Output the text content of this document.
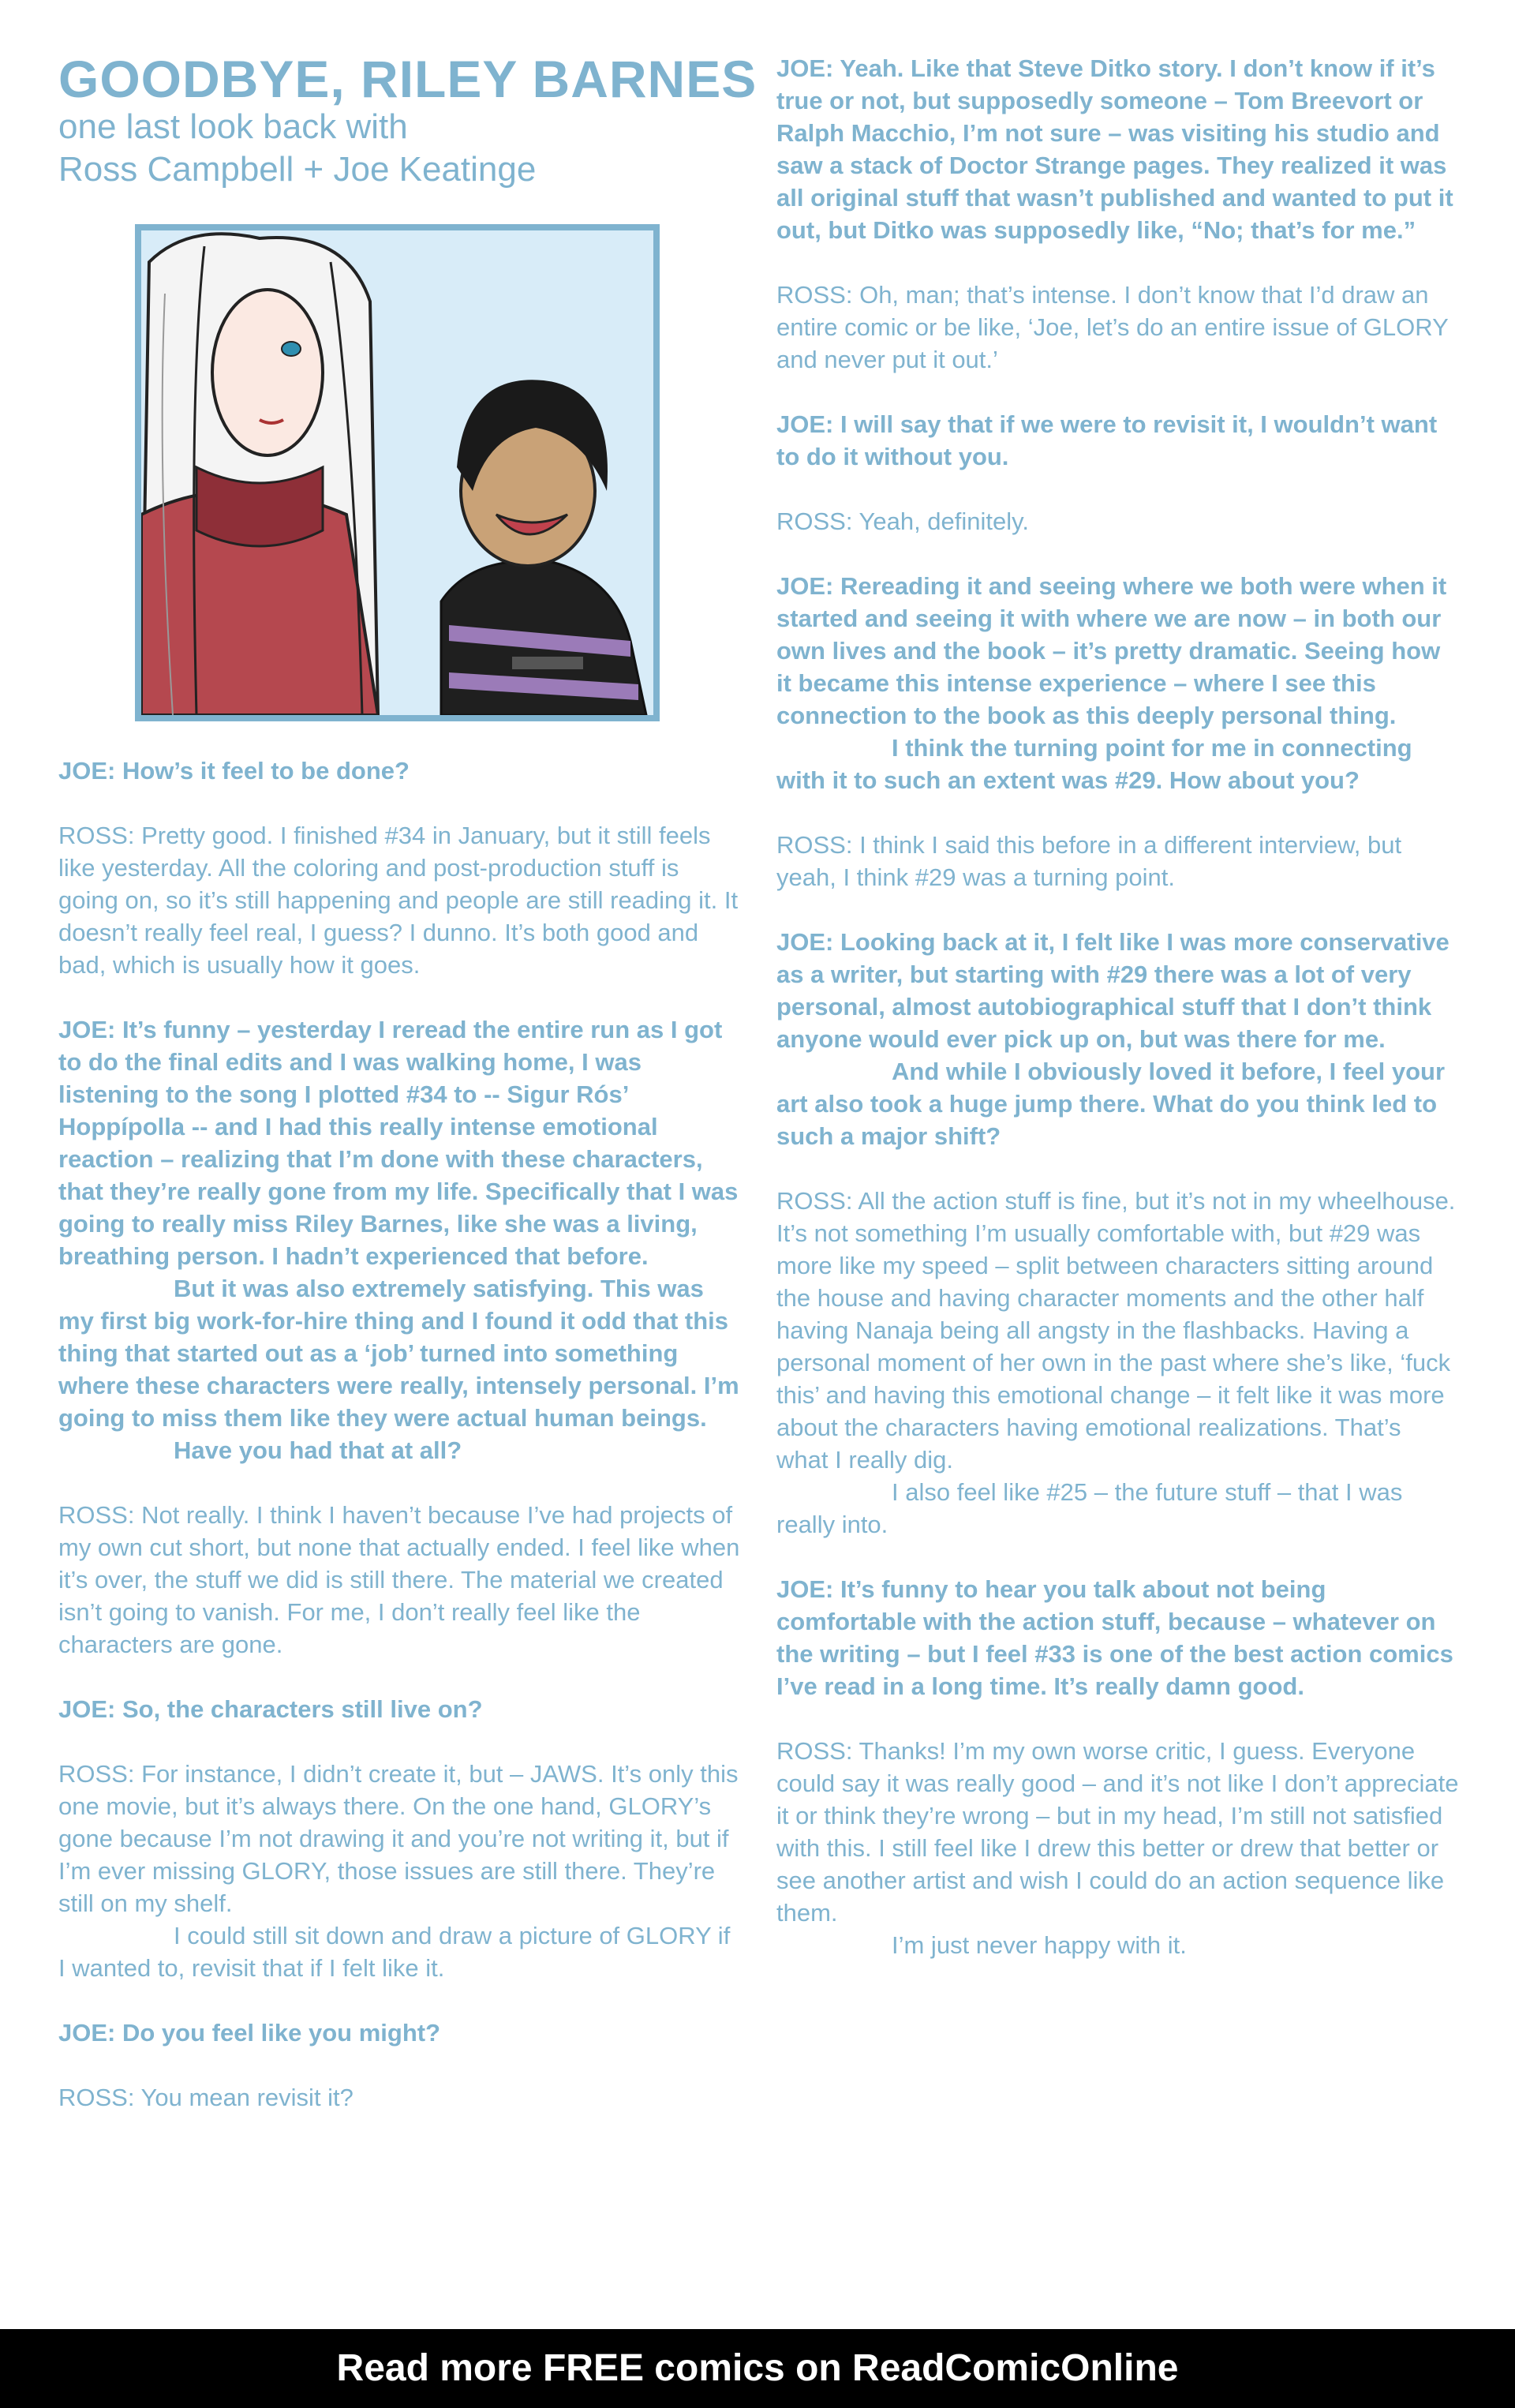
GOODBYE, RILEY BARNES
one last look back with
Ross Campbell + Joe Keatinge

JOE: How’s it feel to be done?

ROSS: Pretty good. I finished #34 in January, but it still feels like yesterday. All the coloring and post-production stuff is going on, so it’s still happening and people are still reading it. It doesn’t really feel real, I guess? I dunno. It’s both good and bad, which is usually how it goes.

JOE: It’s funny – yesterday I reread the entire run as I got to do the final edits and I was walking home, I was listening to the song I plotted #34 to -- Sigur Rós’ Hoppípolla -- and I had this really intense emotional reaction – realizing that I’m done with these characters, that they’re really gone from my life. Specifically that I was going to really miss Riley Barnes, like she was a living, breathing person. I hadn’t experienced that before.
But it was also extremely satisfying. This was my first big work-for-hire thing and I found it odd that this thing that started out as a ‘job’ turned into something where these characters were really, intensely personal. I’m going to miss them like they were actual human beings.
Have you had that at all?

ROSS: Not really. I think I haven’t because I’ve had projects of my own cut short, but none that actually ended. I feel like when it’s over, the stuff we did is still there. The material we created isn’t going to vanish. For me, I don’t really feel like the characters are gone.

JOE: So, the characters still live on?

ROSS: For instance, I didn’t create it, but – JAWS. It’s only this one movie, but it’s always there. On the one hand, GLORY’s gone because I’m not drawing it and you’re not writing it, but if I’m ever missing GLORY, those issues are still there. They’re still on my shelf.
I could still sit down and draw a picture of GLORY if I wanted to, revisit that if I felt like it.

JOE: Do you feel like you might?

ROSS: You mean revisit it?

JOE: Yeah. Like that Steve Ditko story. I don’t know if it’s true or not, but supposedly someone – Tom Breevort or Ralph Macchio, I’m not sure – was visiting his studio and saw a stack of Doctor Strange pages. They realized it was all original stuff that wasn’t published and wanted to put it out, but Ditko was supposedly like, “No; that’s for me.”

ROSS: Oh, man; that’s intense. I don’t know that I’d draw an entire comic or be like, ‘Joe, let’s do an entire issue of GLORY and never put it out.’

JOE: I will say that if we were to revisit it, I wouldn’t want to do it without you.

ROSS: Yeah, definitely.

JOE: Rereading it and seeing where we both were when it started and seeing it with where we are now – in both our own lives and the book – it’s pretty dramatic. Seeing how it became this intense experience – where I see this connection to the book as this deeply personal thing.
I think the turning point for me in connecting with it to such an extent was #29. How about you?

ROSS: I think I said this before in a different interview, but yeah, I think #29 was a turning point.

JOE: Looking back at it, I felt like I was more conservative as a writer, but starting with #29 there was a lot of very personal, almost autobiographical stuff that I don’t think anyone would ever pick up on, but was there for me.
And while I obviously loved it before, I feel your art also took a huge jump there. What do you think led to such a major shift?

ROSS: All the action stuff is fine, but it’s not in my wheelhouse. It’s not something I’m usually comfortable with, but #29 was more like my speed – split between characters sitting around the house and having character moments and the other half having Nanaja being all angsty in the flashbacks. Having a personal moment of her own in the past where she’s like, ‘fuck this’ and having this emotional change – it felt like it was more about the characters having emotional realizations. That’s what I really dig.
I also feel like #25 – the future stuff – that I was really into.

JOE: It’s funny to hear you talk about not being comfortable with the action stuff, because – whatever on the writing – but I feel #33 is one of the best action comics I’ve read in a long time. It’s really damn good.

ROSS: Thanks! I’m my own worse critic, I guess. Everyone could say it was really good – and it’s not like I don’t appreciate it or think they’re wrong – but in my head, I’m still not satisfied with this. I still feel like I drew this better or drew that better or see another artist and wish I could do an action sequence like them.
I’m just never happy with it.

Read more FREE comics on ReadComicOnline
